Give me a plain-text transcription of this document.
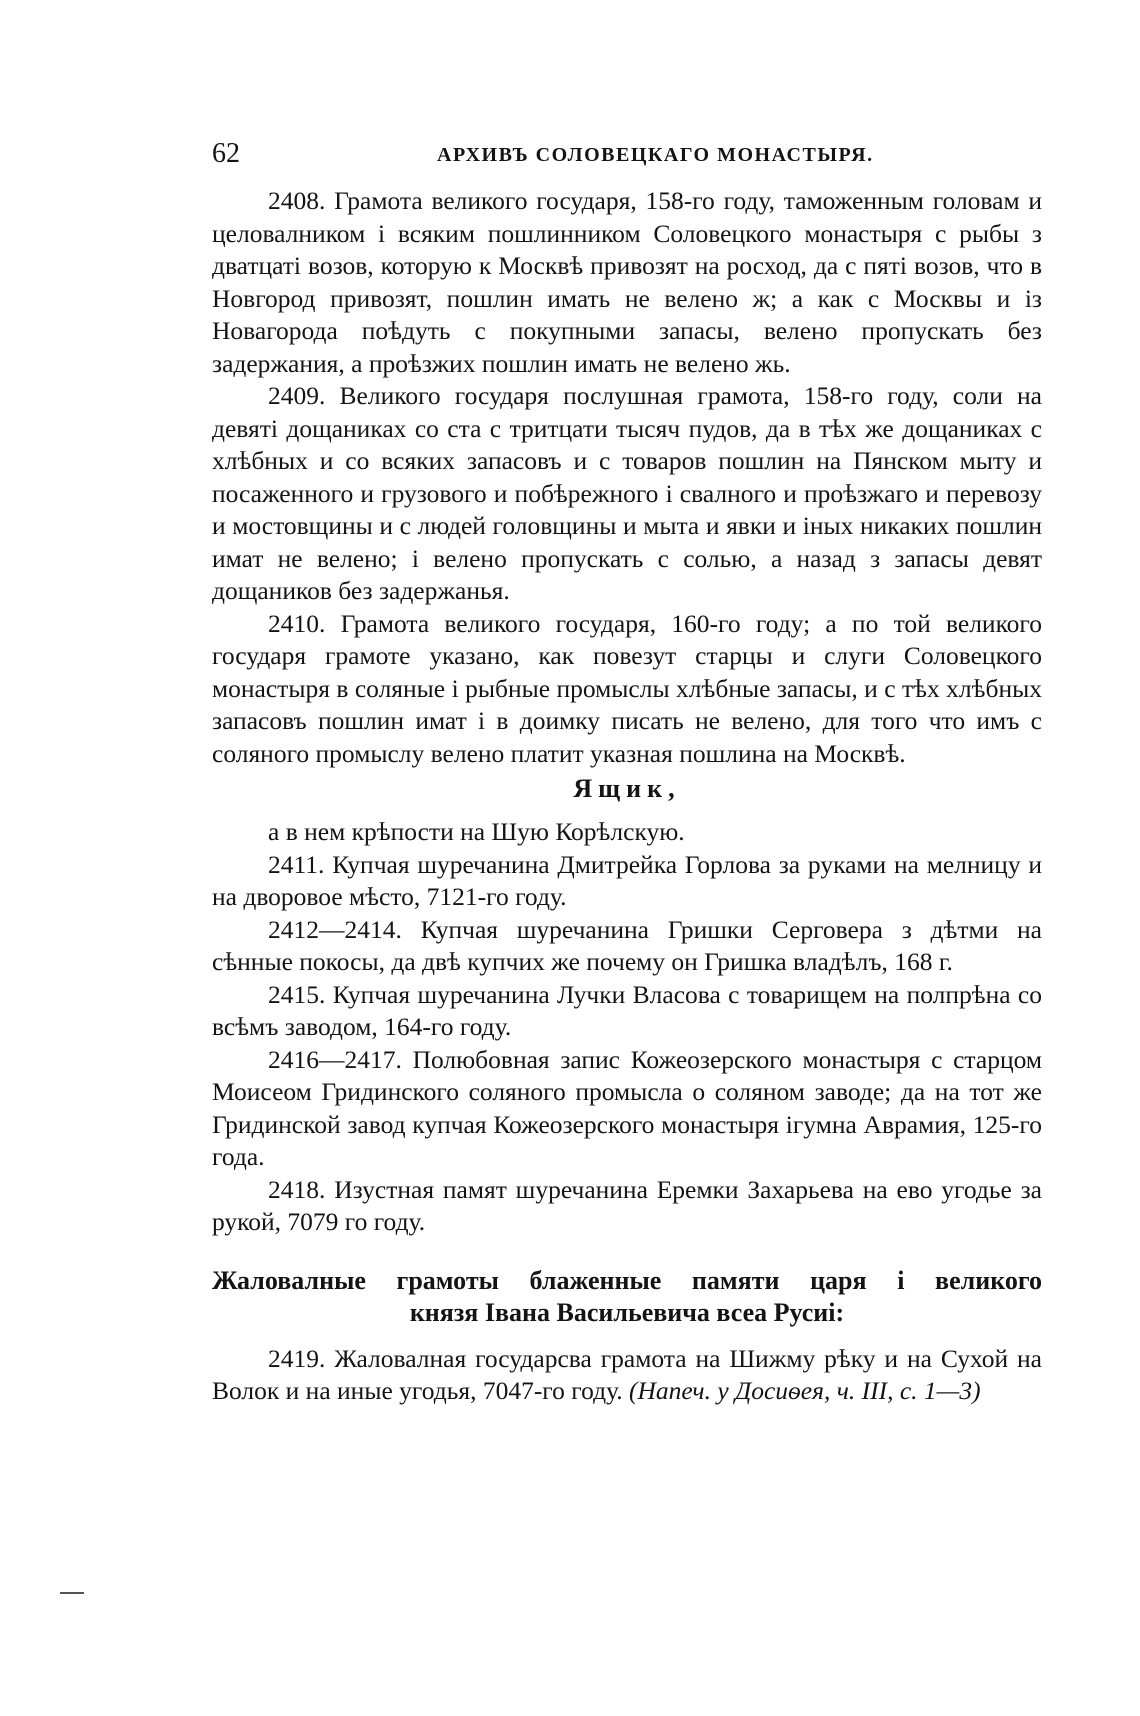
62	АРХИВЪ СОЛОВЕЦКАГО МОНАСТЫРЯ.

2408. Грамота великого государя, 158-го году, таможенным головам и целовалником і всяким пошлинником Соловецкого монастыря с рыбы з дватцаті возов, которую к Москвѣ привозят на росход, да с пяті возов, что в Новгород привозят, пошлин имать не велено ж; а как с Москвы и із Новагорода поѣдуть с покупными запасы, велено пропускать без задержания, а проѣзжих пошлин имать не велено жь.

2409. Великого государя послушная грамота, 158-го году, соли на девяті дощаниках со ста с тритцати тысяч пудов, да в тѣх же дощаниках с хлѣбных и со всяких запасовъ и с товаров пошлин на Пянском мыту и посаженного и грузового и побѣрежного і свалного и проѣзжаго и перевозу и мостовщины и с людей головщины и мыта и явки и іных никаких пошлин имат не велено; і велено пропускать с солью, а назад з запасы девят дощаников без задержанья.

2410. Грамота великого государя, 160-го году; а по той великого государя грамоте указано, как повезут старцы и слуги Соловецкого монастыря в соляные і рыбные промыслы хлѣбные запасы, и с тѣх хлѣбных запасовъ пошлин имат і в доимку писать не велено, для того что имъ с соляного промыслу велено платит указная пошлина на Москвѣ.

Ящик,

а в нем крѣпости на Шую Корѣлскую.

2411. Купчая шуречанина Дмитрейка Горлова за руками на мелницу и на дворовое мѣсто, 7121-го году.

2412—2414. Купчая шуречанина Гришки Серговера з дѣтми на сѣнные покосы, да двѣ купчих же почему он Гришка владѣлъ, 168 г.

2415. Купчая шуречанина Лучки Власова с товарищем на полпрѣна со всѣмъ заводом, 164-го году.

2416—2417. Полюбовная запис Кожеозерского монастыря с старцом Моисеом Гридинского соляного промысла о соляном заводе; да на тот же Гридинской завод купчая Кожеозерского монастыря ігумна Аврамия, 125-го года.

2418. Изустная памят шуречанина Еремки Захарьева на ево угодье за рукой, 7079 го году.

Жаловалные грамоты блаженные памяти царя і великого
князя Івана Васильевича всеа Русиі:

2419. Жаловалная государсва грамота на Шижму рѣку и на Сухой на Волок и на иные угодья, 7047-го году. (Напеч. у Досиѳея, ч. III, с. 1—3)
